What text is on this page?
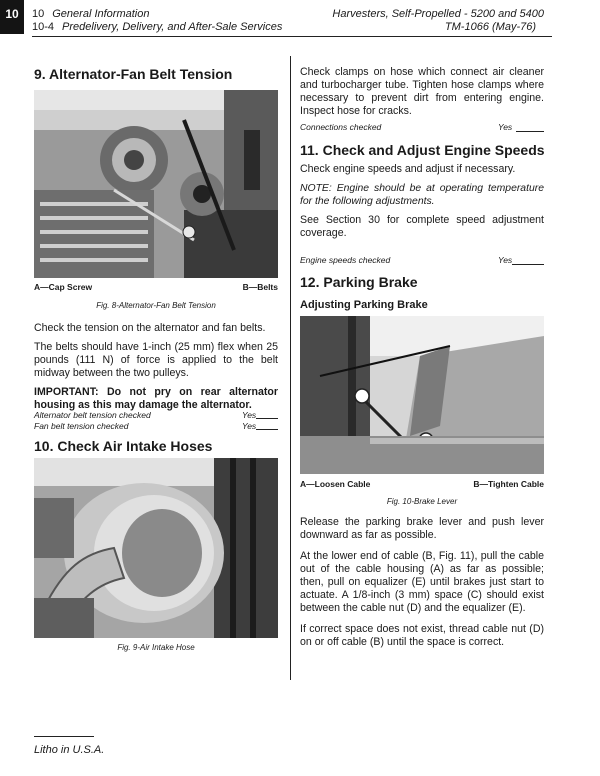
10	10 General Information
10-4 Predelivery, Delivery, and After-Sale Services
Harvesters, Self-Propelled - 5200 and 5400
TM-1066 (May-76)
9. Alternator-Fan Belt Tension
A—Cap Screw	B—Belts
Fig. 8-Alternator-Fan Belt Tension

Check the tension on the alternator and fan belts.

The belts should have 1-inch (25 mm) flex when 25 pounds (111 N) of force is applied to the belt midway between the two pulleys.

IMPORTANT: Do not pry on rear alternator housing as this may damage the alternator.

Alternator belt tension checked	Yes
Fan belt tension checked	Yes
10. Check Air Intake Hoses
Fig. 9-Air Intake Hose

Check clamps on hose which connect air cleaner and turbocharger tube. Tighten hose clamps where necessary to prevent dirt from entering engine. Inspect hose for cracks.

Connections checked	Yes
11. Check and Adjust Engine Speeds

Check engine speeds and adjust if necessary.

NOTE: Engine should be at operating temperature for the following adjustments.

See Section 30 for complete speed adjustment coverage.

Engine speeds checked	Yes
12. Parking Brake
Adjusting Parking Brake
A—Loosen Cable	B—Tighten Cable
Fig. 10-Brake Lever

Release the parking brake lever and push lever downward as far as possible.

At the lower end of cable (B, Fig. 11), pull the cable out of the cable housing (A) as far as possible; then, pull on equalizer (E) until brakes just start to actuate. A 1/8-inch (3 mm) space (C) should exist between the cable nut (D) and the equalizer (E).

If correct space does not exist, thread cable nut (D) on or off cable (B) until the space is correct.

Litho in U.S.A.
